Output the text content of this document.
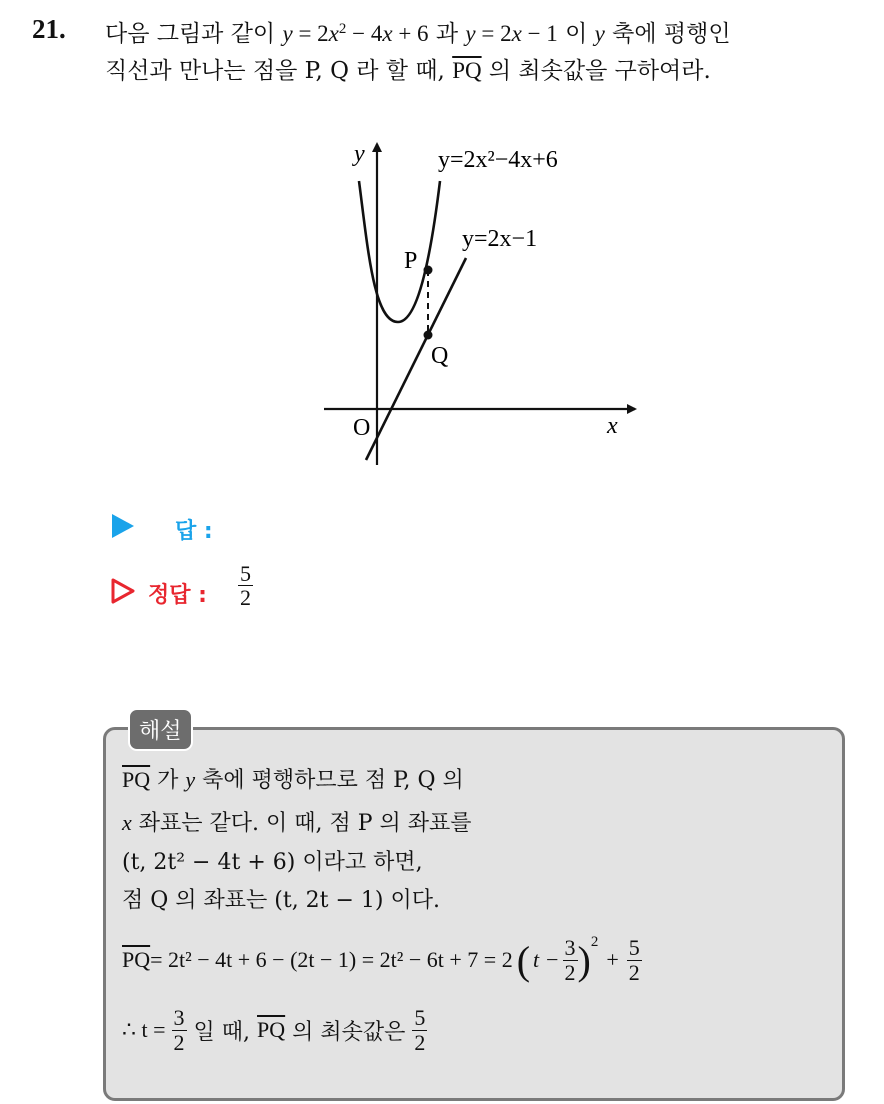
21. 다음 그림과 같이 $y = 2x^2 - 4x + 6$ 과 y = 2x − 1 이 y 축에 평행인
직선과 만나는 점을 P, Q 라 할 때, $\overline{PQ}$ 의 최솟값을 구하여라.
y
x
O
P
Q
y=2x²−4x+6
y=2x−1
답 :
정답 : $\frac{5}{2}$
해설
$\overline{PQ}$ 가 y 축에 평행하므로 점 P, Q 의
x 좌표는 같다. 이 때, 점 P 의 좌표를
(t, 2t² − 4t + 6) 이라고 하면,
점 Q 의 좌표는 (t, 2t − 1) 이다.
$\overline{PQ} = 2t^2 - 4t + 6 - (2t - 1) = 2t^2 - 6t + 7 = 2$ ( $t - \frac{3}{2}$ ) 2
+ $\frac{5}{2}$
∴ $t = \frac{3}{2}$ 일 때, $\overline{PQ}$ 의 최솟값은 $\frac{5}{2}$
